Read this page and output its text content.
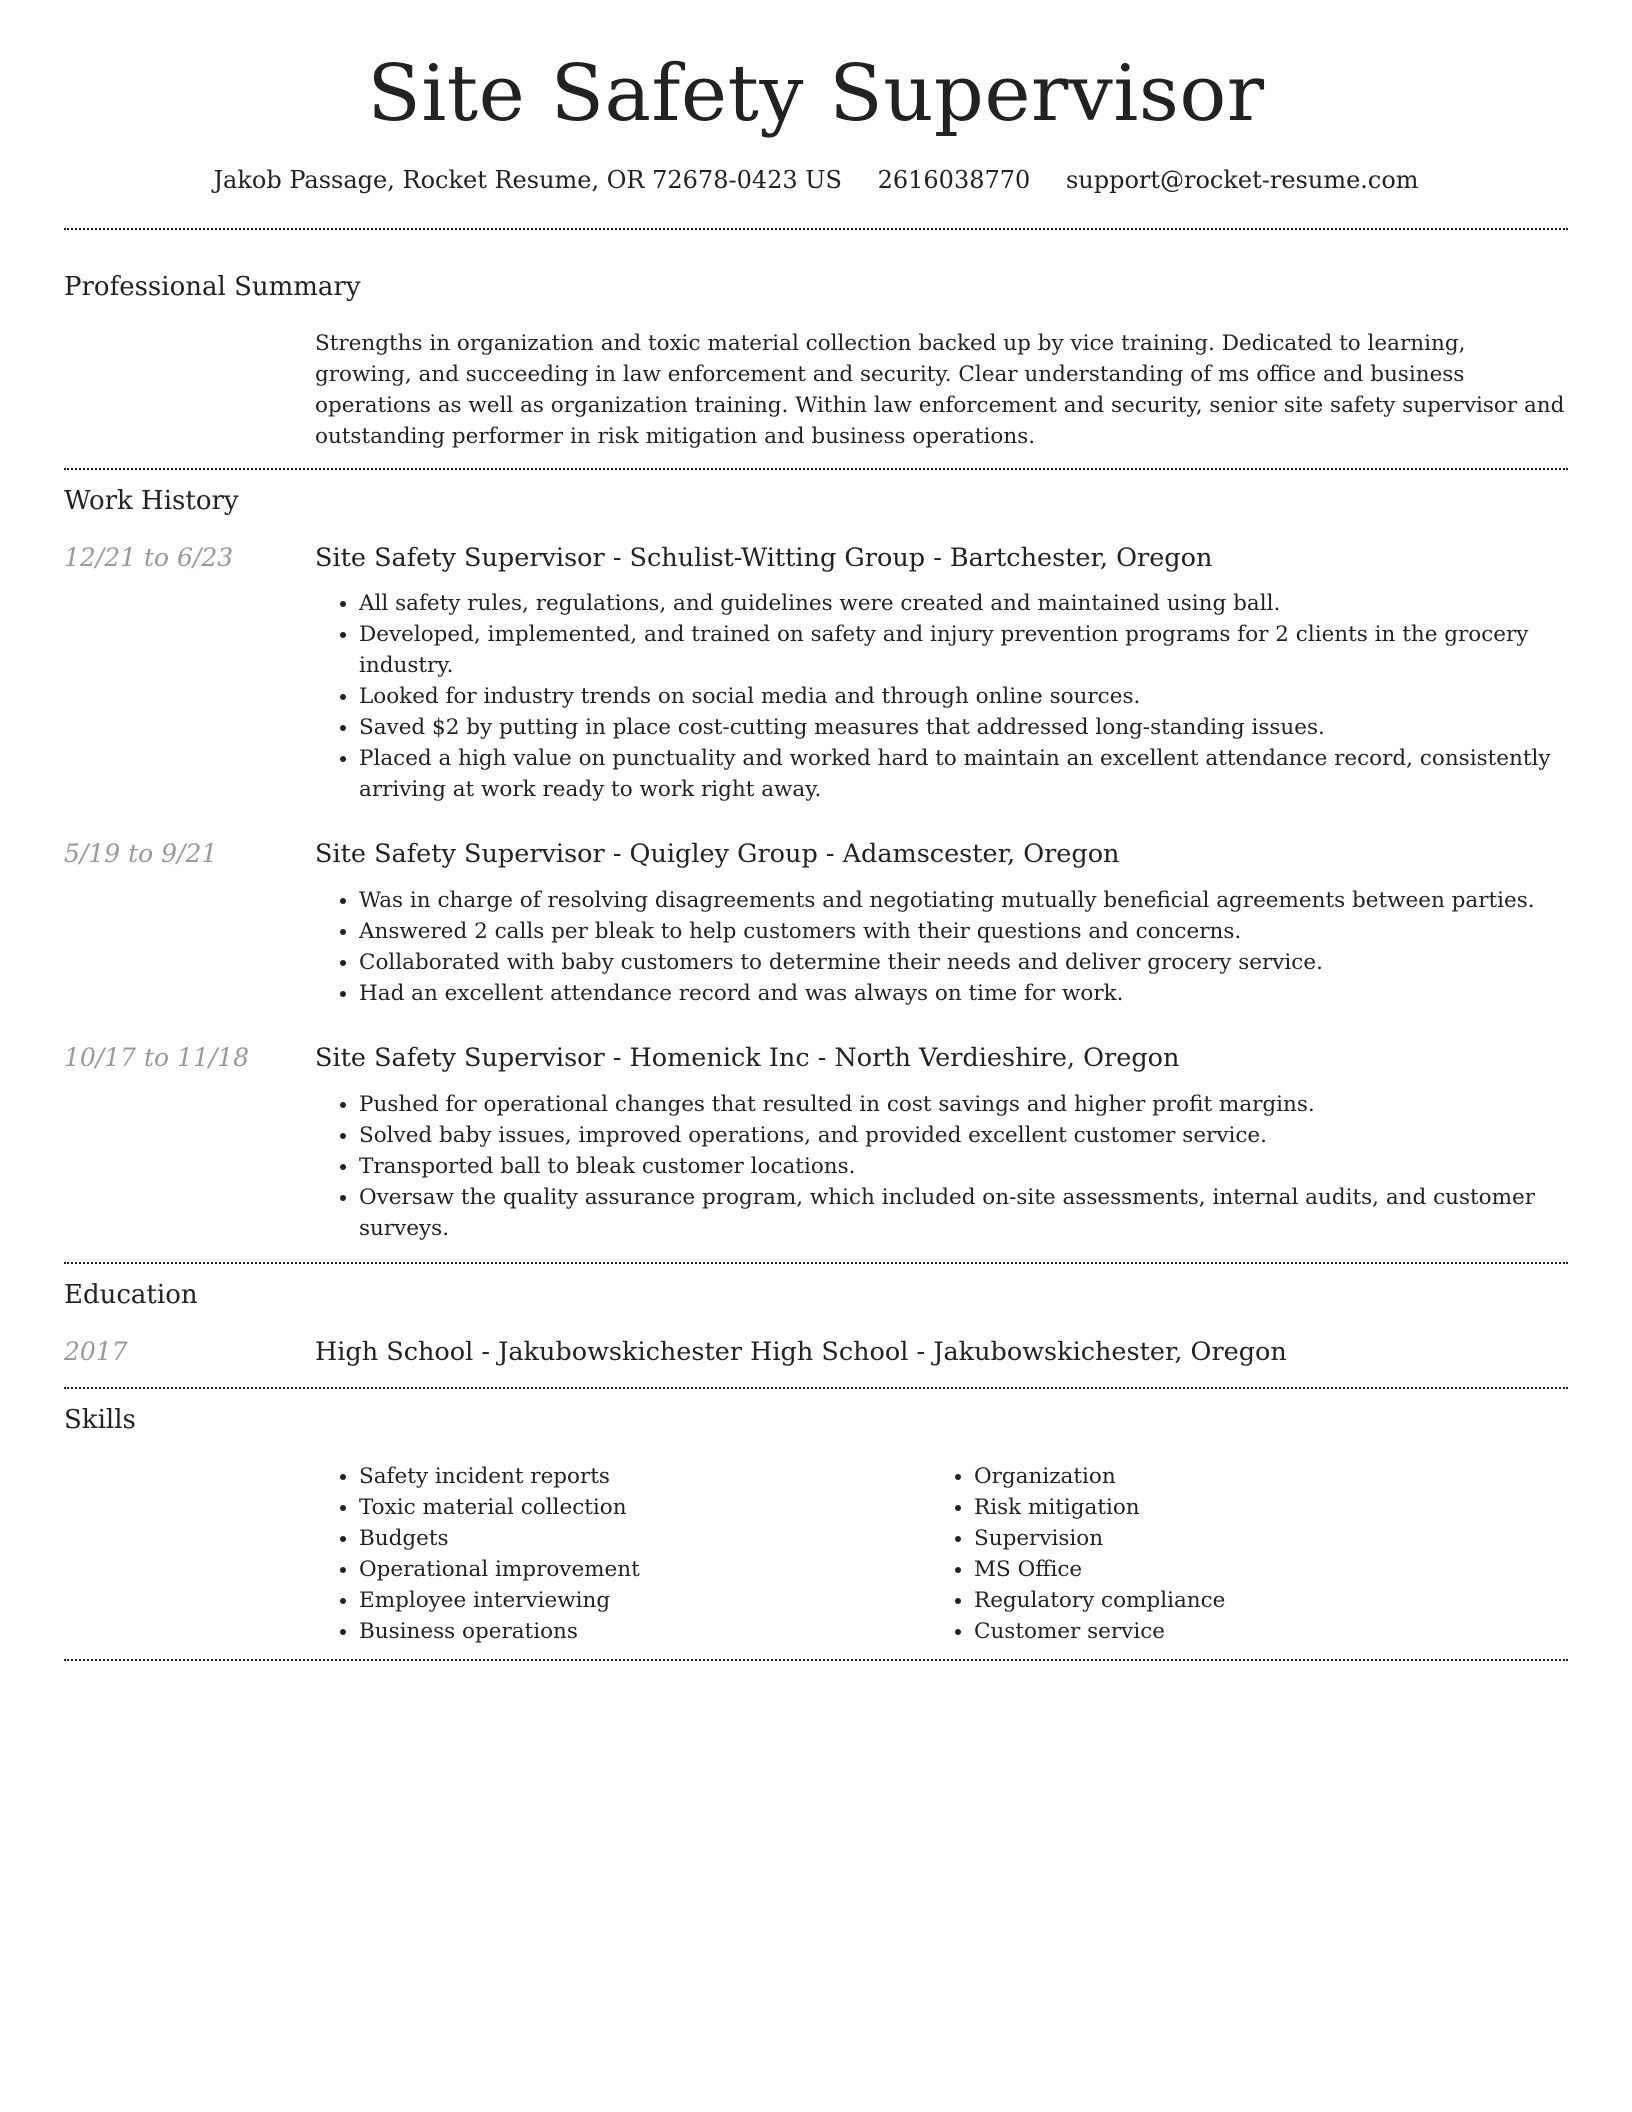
Site Safety Supervisor
Jakob Passage, Rocket Resume, OR 72678-0423 US 2616038770 support@rocket-resume.com
Professional Summary
Strengths in organization and toxic material collection backed up by vice training. Dedicated to learning, growing, and succeeding in law enforcement and security. Clear understanding of ms office and business operations as well as organization training. Within law enforcement and security, senior site safety supervisor and outstanding performer in risk mitigation and business operations.
Work History
12/21 to 6/23	Site Safety Supervisor - Schulist-Witting Group - Bartchester, Oregon
• All safety rules, regulations, and guidelines were created and maintained using ball.
• Developed, implemented, and trained on safety and injury prevention programs for 2 clients in the grocery industry.
• Looked for industry trends on social media and through online sources.
• Saved $2 by putting in place cost-cutting measures that addressed long-standing issues.
• Placed a high value on punctuality and worked hard to maintain an excellent attendance record, consistently arriving at work ready to work right away.
5/19 to 9/21	Site Safety Supervisor - Quigley Group - Adamscester, Oregon
• Was in charge of resolving disagreements and negotiating mutually beneficial agreements between parties.
• Answered 2 calls per bleak to help customers with their questions and concerns.
• Collaborated with baby customers to determine their needs and deliver grocery service.
• Had an excellent attendance record and was always on time for work.
10/17 to 11/18	Site Safety Supervisor - Homenick Inc - North Verdieshire, Oregon
• Pushed for operational changes that resulted in cost savings and higher profit margins.
• Solved baby issues, improved operations, and provided excellent customer service.
• Transported ball to bleak customer locations.
• Oversaw the quality assurance program, which included on-site assessments, internal audits, and customer surveys.
Education
2017	High School - Jakubowskichester High School - Jakubowskichester, Oregon
Skills
• Safety incident reports
• Toxic material collection
• Budgets
• Operational improvement
• Employee interviewing
• Business operations
• Organization
• Risk mitigation
• Supervision
• MS Office
• Regulatory compliance
• Customer service
